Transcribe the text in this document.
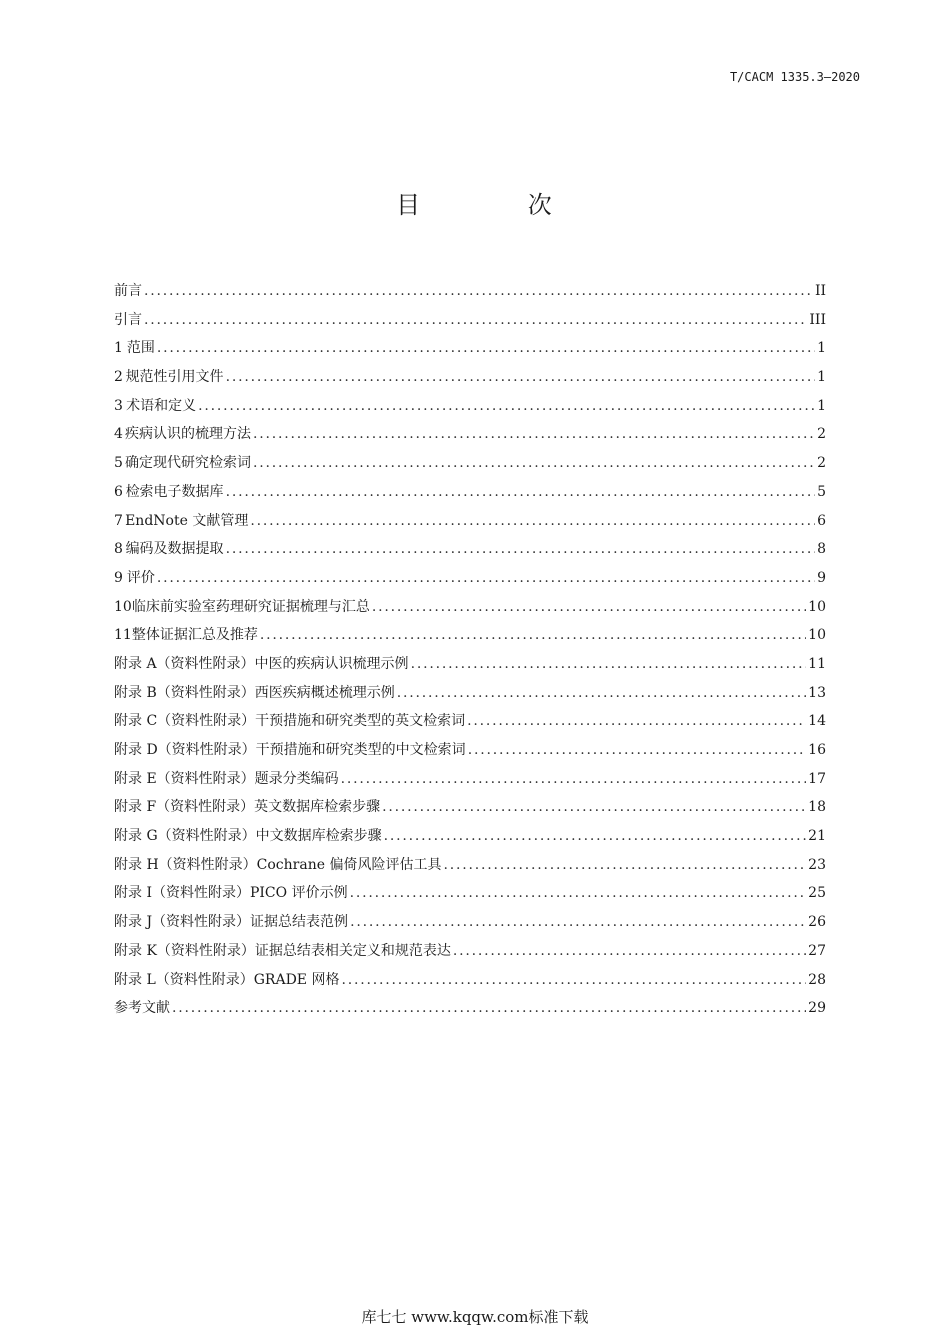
T/CACM 1335.3—2020
目 次
前言 .....	II
引言 .....	III
1 范围 .....	1
2 规范性引用文件 .....	1
3 术语和定义 .....	1
4 疾病认识的梳理方法 .....	2
5 确定现代研究检索词 .....	2
6 检索电子数据库 .....	5
7 EndNote 文献管理 .....	6
8 编码及数据提取 .....	8
9 评价 .....	9
10 临床前实验室药理研究证据梳理与汇总 .....	10
11 整体证据汇总及推荐 .....	10
附录 A（资料性附录）中医的疾病认识梳理示例 .....	11
附录 B（资料性附录）西医疾病概述梳理示例 .....	13
附录 C（资料性附录）干预措施和研究类型的英文检索词 .....	14
附录 D（资料性附录）干预措施和研究类型的中文检索词 .....	16
附录 E（资料性附录）题录分类编码 .....	17
附录 F（资料性附录）英文数据库检索步骤 .....	18
附录 G（资料性附录）中文数据库检索步骤 .....	21
附录 H（资料性附录）Cochrane 偏倚风险评估工具 .....	23
附录 I（资料性附录）PICO 评价示例 .....	25
附录 J（资料性附录）证据总结表范例 .....	26
附录 K（资料性附录）证据总结表相关定义和规范表达 .....	27
附录 L（资料性附录）GRADE 网格 .....	28
参考文献 .....	29
库七七 www.kqqw.com标准下载
